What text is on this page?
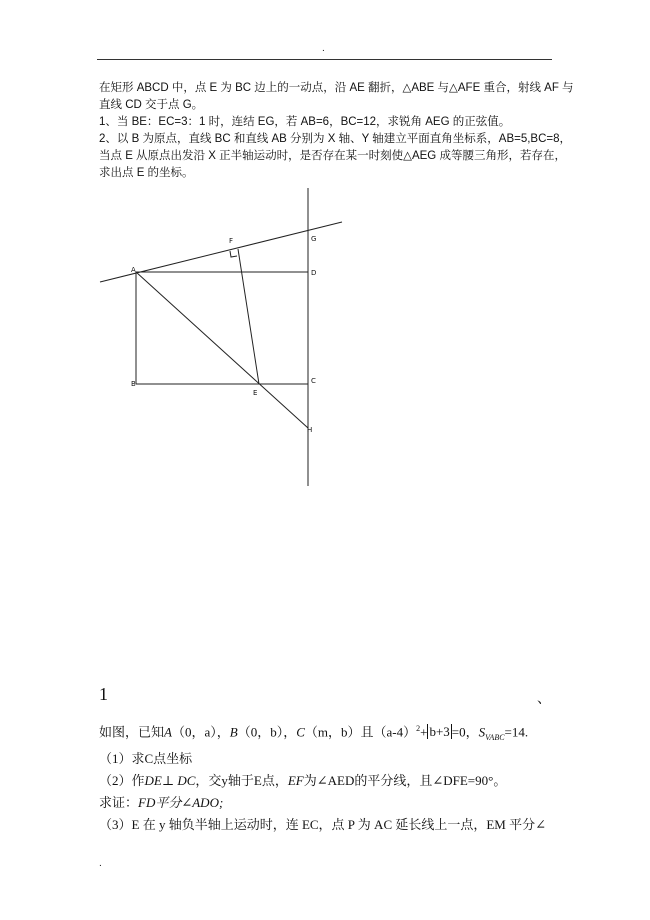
.
在矩形 ABCD 中，点 E 为 BC 边上的一动点，沿 AE 翻折，△ABE 与△AFE 重合，射线 AF 与
直线 CD 交于点 G。
1、当 BE：EC=3：1 时，连结 EG，若 AB=6，BC=12，求锐角 AEG 的正弦值。
2、以 B 为原点，直线 BC 和直线 AB 分别为 X 轴、Y 轴建立平面直角坐标系，AB=5,BC=8，
当点 E 从原点出发沿 X 正半轴运动时，是否存在某一时刻使△AEG 成等腰三角形，若存在，
求出点 E 的坐标。
F	G
A	D
B	C
E
H
1	、
如图，已知A（0，a），B（0，b），C（m，b）且$(a-4)^2+ b+3 =0$，$S_{VABC}=14$.
（1）求C点坐标
（2）作DE⊥ DC，交y轴于E点，EF为∠AED的平分线，且∠DFE=90°。
求证：FD平分∠ADO;
（3）E 在 y 轴负半轴上运动时，连 EC，点 P 为 AC 延长线上一点，EM 平分∠
.
